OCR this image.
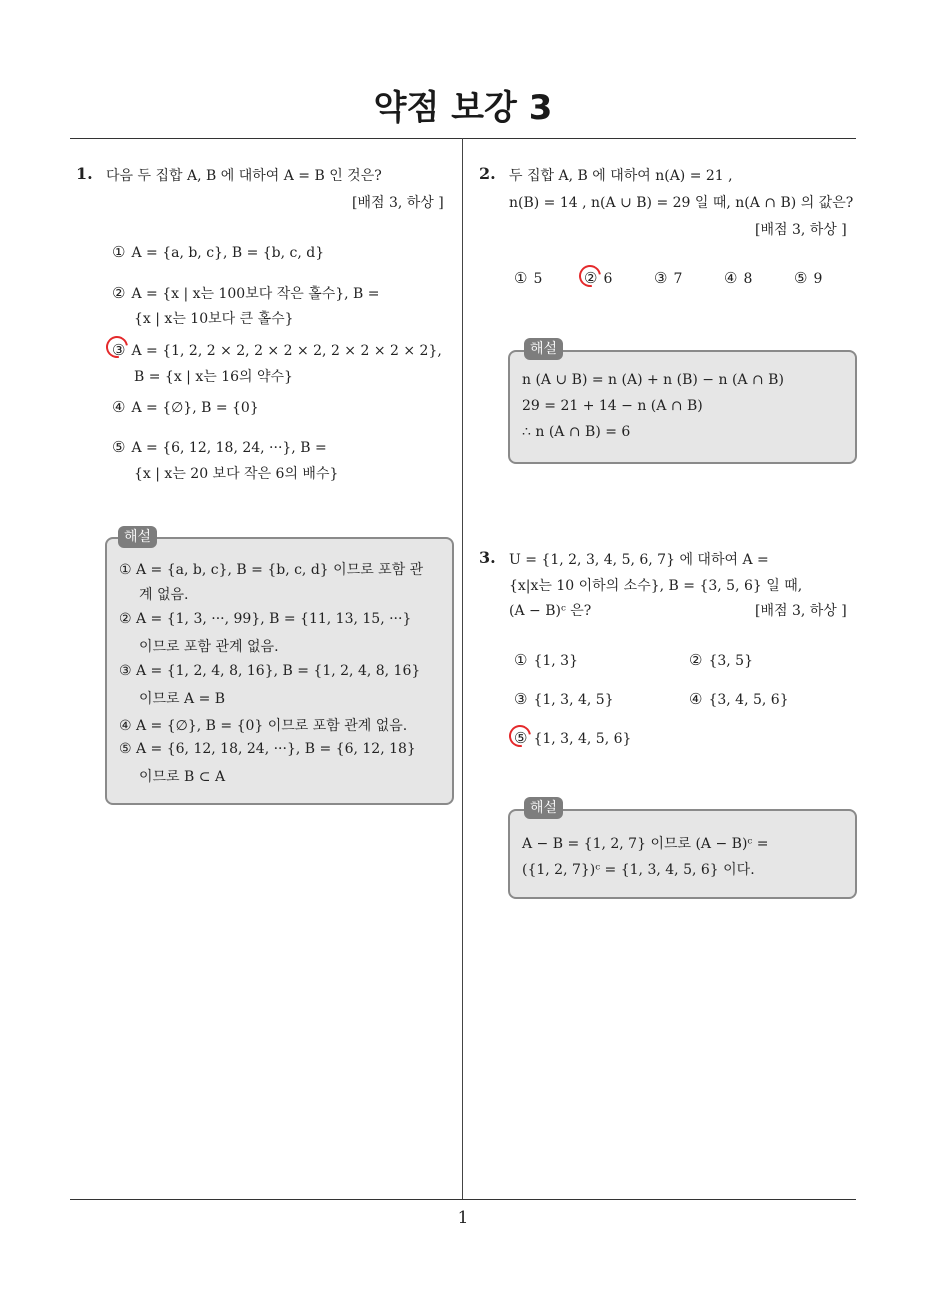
약점 보강 3
1. 다음 두 집합 A, B 에 대하여 A = B 인 것은?
[배점 3, 하상 ]
① A = {a, b, c}, B = {b, c, d}
② A = {x | x는 100보다 작은 홀수}, B =
{x | x는 10보다 큰 홀수}
③ A = {1, 2, 2 × 2, 2 × 2 × 2, 2 × 2 × 2 × 2},
B = {x | x는 16의 약수}
④ A = {∅}, B = {0}
⑤ A = {6, 12, 18, 24, ···}, B =
{x | x는 20 보다 작은 6의 배수}
① A = {a, b, c}, B = {b, c, d} 이므로 포함 관
계 없음.
② A = {1, 3, ···, 99}, B = {11, 13, 15, ···}
이므로 포함 관계 없음.
③ A = {1, 2, 4, 8, 16}, B = {1, 2, 4, 8, 16}
이므로 A = B
④ A = {∅}, B = {0} 이므로 포함 관계 없음.
⑤ A = {6, 12, 18, 24, ···}, B = {6, 12, 18}
이므로 B ⊂ A
해설
2. 두 집합 A, B 에 대하여 n(A) = 21 ,
n(B) = 14 , n(A ∪ B) = 29 일 때, n(A ∩ B) 의 값은?
[배점 3, 하상 ]
① 5	② 6	③ 7	④ 8	⑤ 9
n (A ∪ B) = n (A) + n (B) − n (A ∩ B)
29 = 21 + 14 − n (A ∩ B)
∴ n (A ∩ B) = 6
해설
3. U = {1, 2, 3, 4, 5, 6, 7} 에 대하여 A =
{x|x는 10 이하의 소수}, B = {3, 5, 6} 일 때,
(A − B)ᶜ 은?	[배점 3, 하상 ]
① {1, 3}	② {3, 5}
③ {1, 3, 4, 5}	④ {3, 4, 5, 6}
⑤ {1, 3, 4, 5, 6}
A − B = {1, 2, 7} 이므로 (A − B)ᶜ =
({1, 2, 7})ᶜ = {1, 3, 4, 5, 6} 이다.
해설
1
